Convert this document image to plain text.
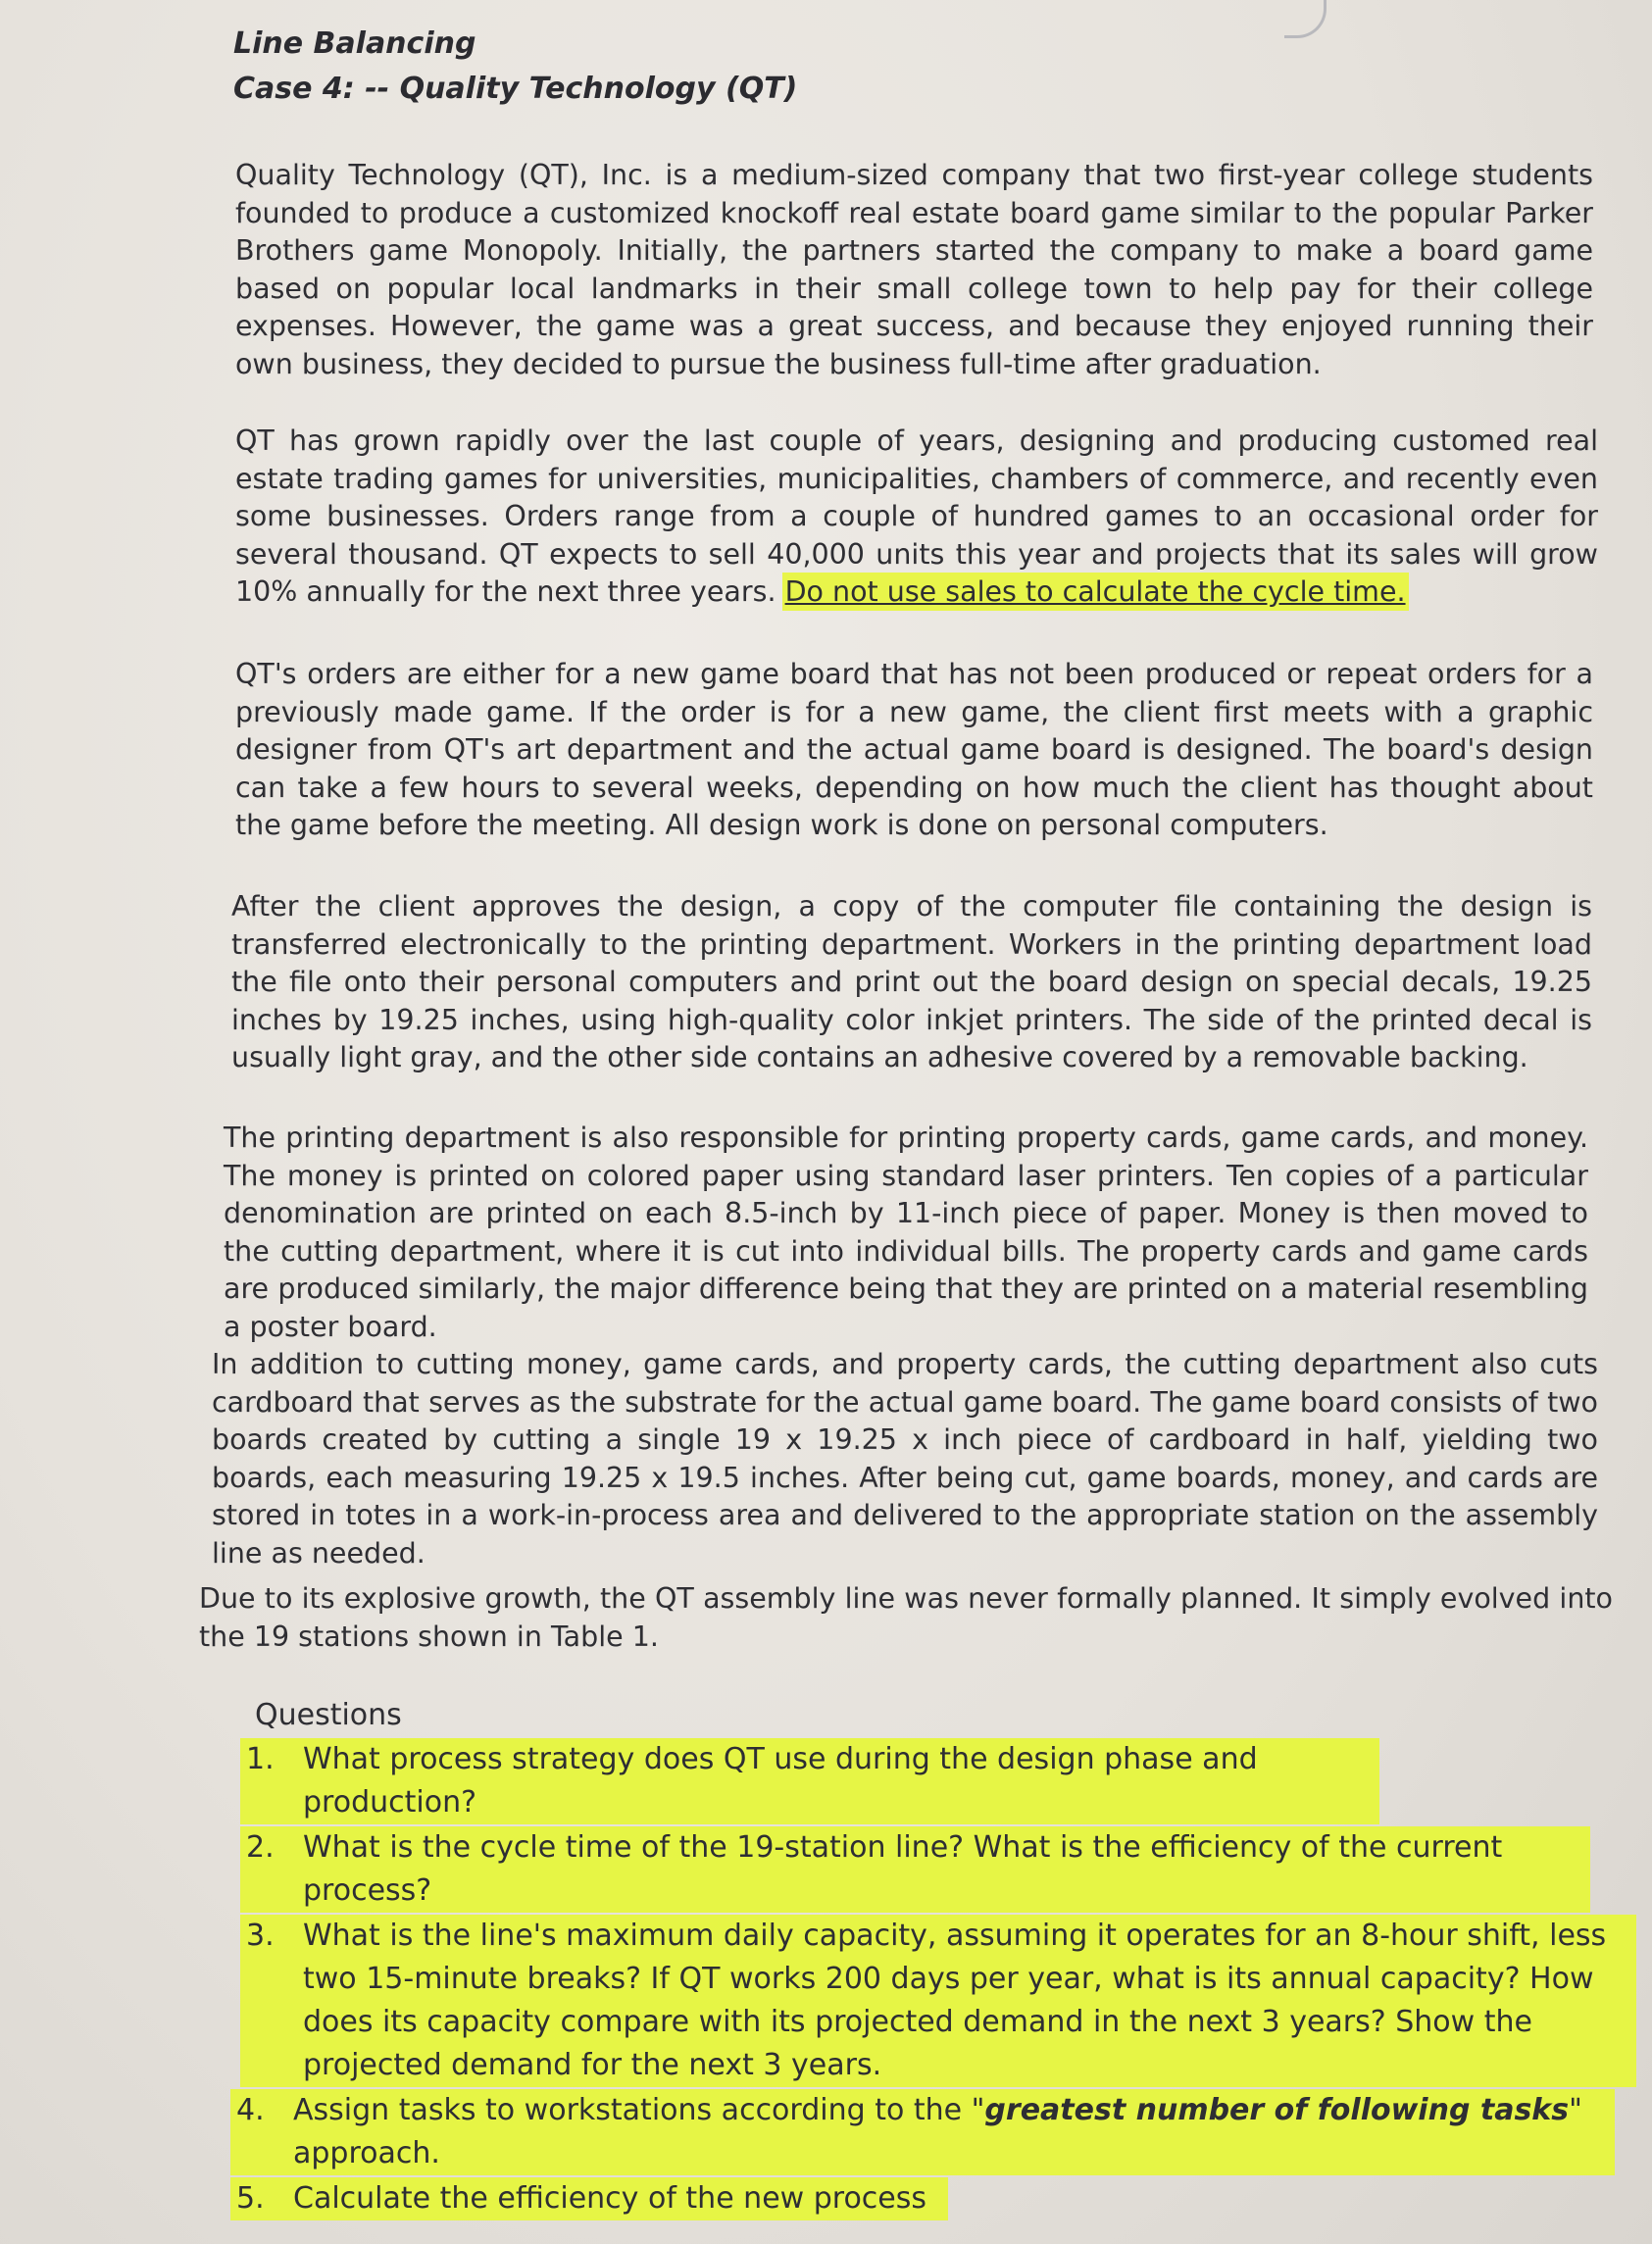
Line Balancing
Case 4: -- Quality Technology (QT)
Quality Technology (QT), Inc. is a medium-sized company that two first-year college students founded to produce a customized knockoff real estate board game similar to the popular Parker Brothers game Monopoly. Initially, the partners started the company to make a board game based on popular local landmarks in their small college town to help pay for their college expenses. However, the game was a great success, and because they enjoyed running their own business, they decided to pursue the business full-time after graduation.
QT has grown rapidly over the last couple of years, designing and producing customed real estate trading games for universities, municipalities, chambers of commerce, and recently even some businesses. Orders range from a couple of hundred games to an occasional order for several thousand. QT expects to sell 40,000 units this year and projects that its sales will grow 10% annually for the next three years. Do not use sales to calculate the cycle time.
QT's orders are either for a new game board that has not been produced or repeat orders for a previously made game. If the order is for a new game, the client first meets with a graphic designer from QT's art department and the actual game board is designed. The board's design can take a few hours to several weeks, depending on how much the client has thought about the game before the meeting. All design work is done on personal computers.
After the client approves the design, a copy of the computer file containing the design is transferred electronically to the printing department. Workers in the printing department load the file onto their personal computers and print out the board design on special decals, 19.25 inches by 19.25 inches, using high-quality color inkjet printers. The side of the printed decal is usually light gray, and the other side contains an adhesive covered by a removable backing.
The printing department is also responsible for printing property cards, game cards, and money. The money is printed on colored paper using standard laser printers. Ten copies of a particular denomination are printed on each 8.5-inch by 11-inch piece of paper. Money is then moved to the cutting department, where it is cut into individual bills. The property cards and game cards are produced similarly, the major difference being that they are printed on a material resembling a poster board.
In addition to cutting money, game cards, and property cards, the cutting department also cuts cardboard that serves as the substrate for the actual game board. The game board consists of two boards created by cutting a single 19 x 19.25 x inch piece of cardboard in half, yielding two boards, each measuring 19.25 x 19.5 inches. After being cut, game boards, money, and cards are stored in totes in a work-in-process area and delivered to the appropriate station on the assembly line as needed.
Due to its explosive growth, the QT assembly line was never formally planned. It simply evolved into the 19 stations shown in Table 1.
Questions
1. What process strategy does QT use during the design phase and production?
2. What is the cycle time of the 19-station line? What is the efficiency of the current process?
3. What is the line's maximum daily capacity, assuming it operates for an 8-hour shift, less two 15-minute breaks? If QT works 200 days per year, what is its annual capacity? How does its capacity compare with its projected demand in the next 3 years? Show the projected demand for the next 3 years.
4. Assign tasks to workstations according to the "greatest number of following tasks" approach.
5. Calculate the efficiency of the new process
